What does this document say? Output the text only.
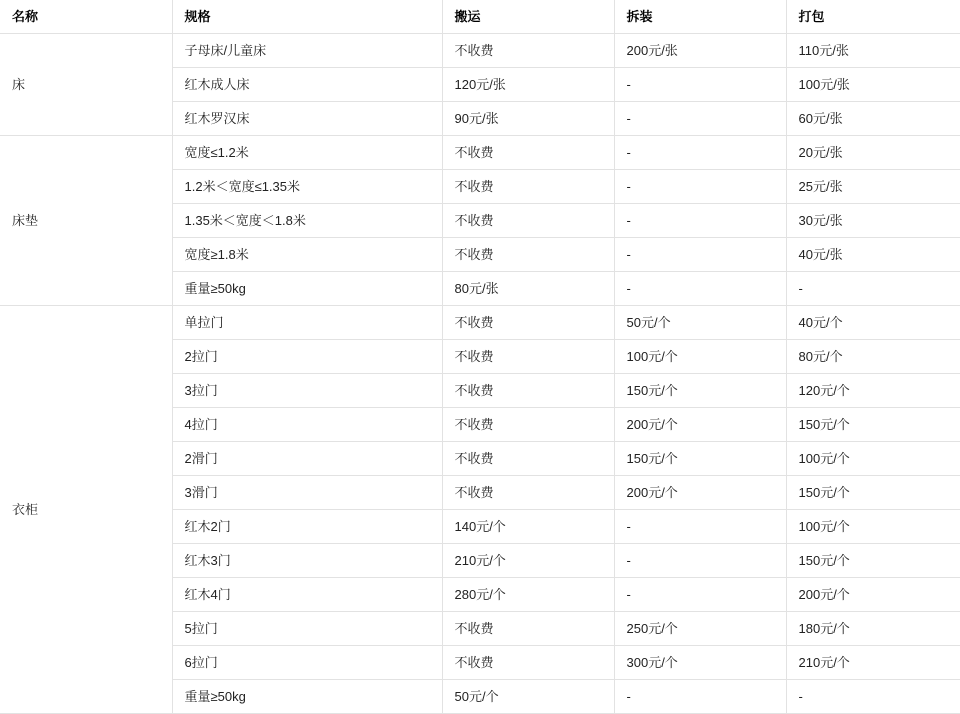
名称	规格	搬运	拆装	打包
床	子母床/儿童床	不收费	200元/张	110元/张
	红木成人床	120元/张	-	100元/张
	红木罗汉床	90元/张	-	60元/张
床垫	宽度≤1.2米	不收费	-	20元/张
	1.2米＜宽度≤1.35米	不收费	-	25元/张
	1.35米＜宽度＜1.8米	不收费	-	30元/张
	宽度≥1.8米	不收费	-	40元/张
	重量≥50kg	80元/张	-	-
衣柜	单拉门	不收费	50元/个	40元/个
	2拉门	不收费	100元/个	80元/个
	3拉门	不收费	150元/个	120元/个
	4拉门	不收费	200元/个	150元/个
	2滑门	不收费	150元/个	100元/个
	3滑门	不收费	200元/个	150元/个
	红木2门	140元/个	-	100元/个
	红木3门	210元/个	-	150元/个
	红木4门	280元/个	-	200元/个
	5拉门	不收费	250元/个	180元/个
	6拉门	不收费	300元/个	210元/个
	重量≥50kg	50元/个	-	-
